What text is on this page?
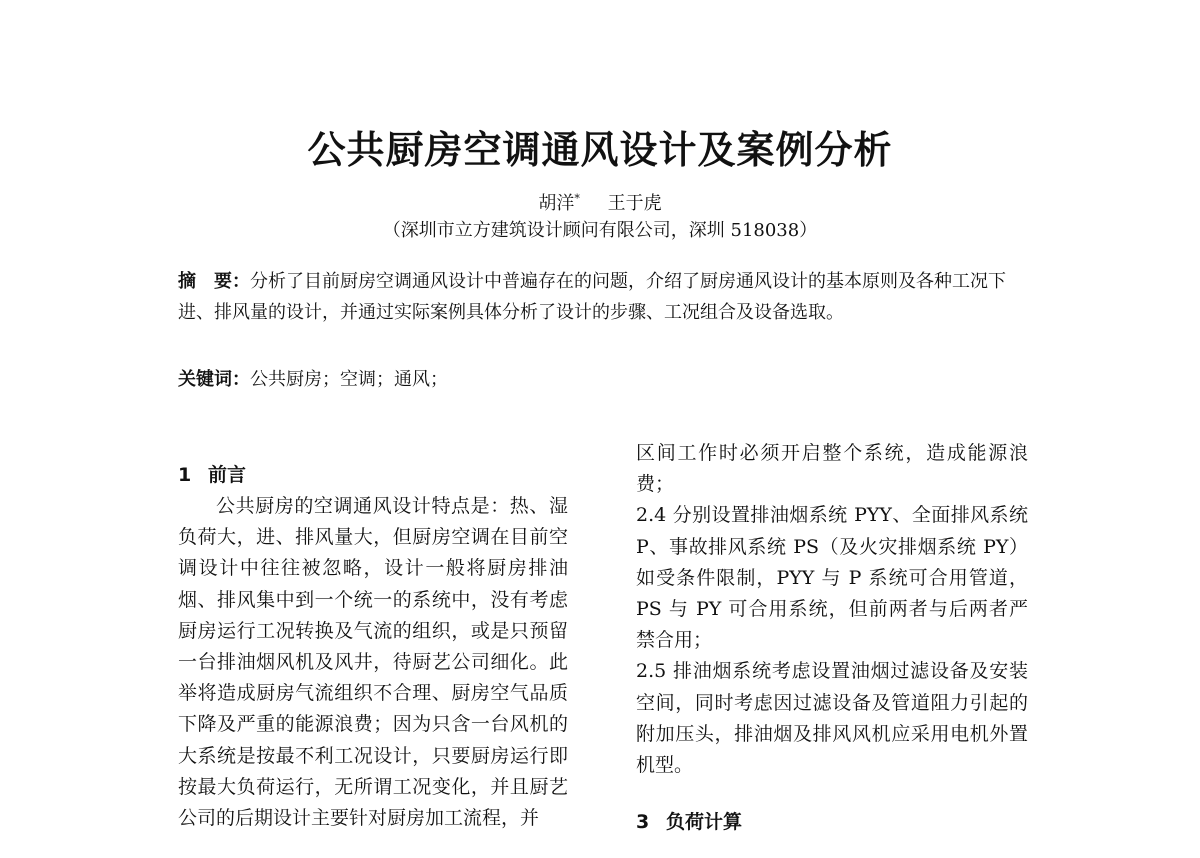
公共厨房空调通风设计及案例分析
胡洋* 王于虎
（深圳市立方建筑设计顾问有限公司，深圳 518038）

摘　要：分析了目前厨房空调通风设计中普遍存在的问题，介绍了厨房通风设计的基本原则及各种工况下进、排风量的设计，并通过实际案例具体分析了设计的步骤、工况组合及设备选取。

关键词：公共厨房；空调；通风；

1 前言

公共厨房的空调通风设计特点是：热、湿负荷大，进、排风量大，但厨房空调在目前空调设计中往往被忽略，设计一般将厨房排油烟、排风集中到一个统一的系统中，没有考虑厨房运行工况转换及气流的组织，或是只预留一台排油烟风机及风井，待厨艺公司细化。此举将造成厨房气流组织不合理、厨房空气品质下降及严重的能源浪费；因为只含一台风机的大系统是按最不利工况设计，只要厨房运行即按最大负荷运行，无所谓工况变化，并且厨艺公司的后期设计主要针对厨房加工流程，并

区间工作时必须开启整个系统，造成能源浪费；

2.4 分别设置排油烟系统 PYY、全面排风系统 P、事故排风系统 PS（及火灾排烟系统 PY）如受条件限制，PYY 与 P 系统可合用管道，PS 与 PY 可合用系统，但前两者与后两者严禁合用；

2.5 排油烟系统考虑设置油烟过滤设备及安装空间，同时考虑因过滤设备及管道阻力引起的附加压头，排油烟及排风风机应采用电机外置机型。

3 负荷计算
